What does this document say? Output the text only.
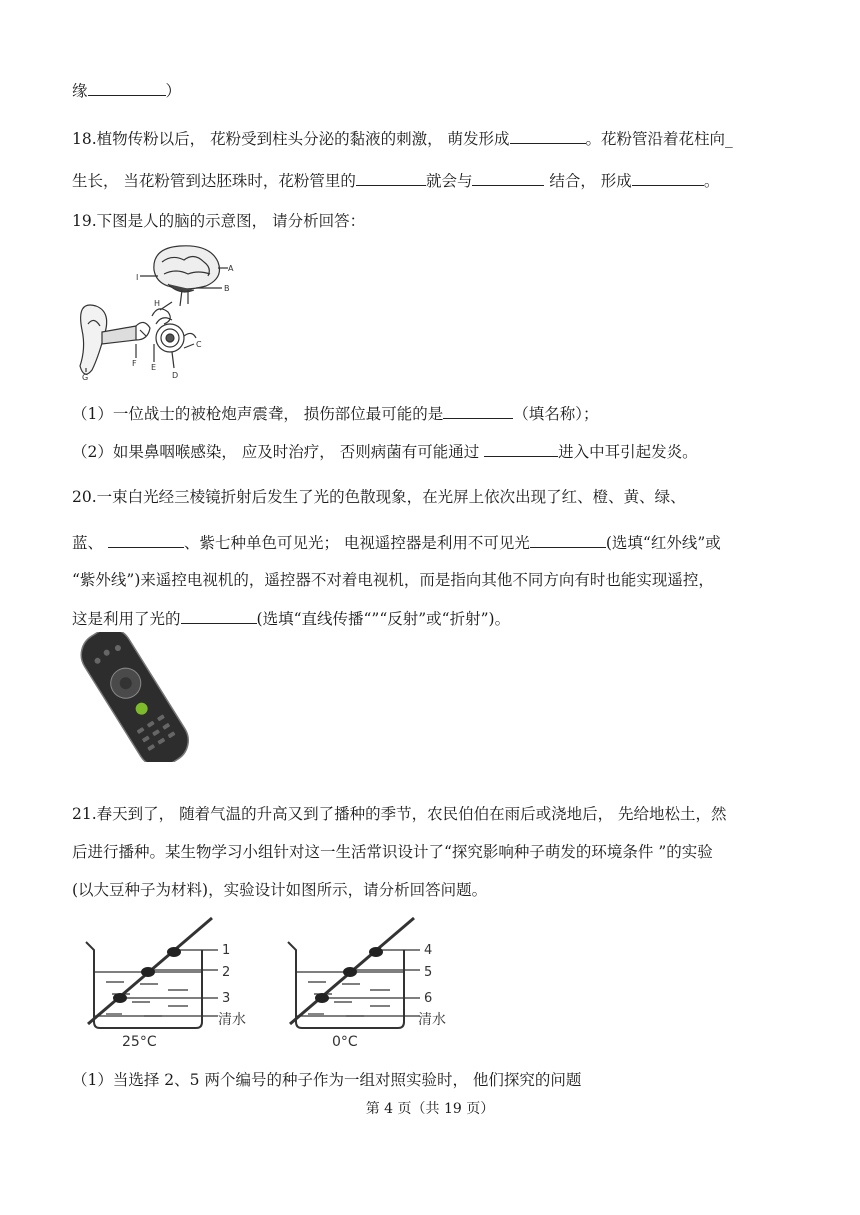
缘	）
18.植物传粉以后， 花粉受到柱头分泌的黏液的刺激， 萌发形成	。花粉管沿着花柱向_
生长， 当花粉管到达胚珠时，花粉管里的	就会与	结合， 形成	。
19.下图是人的脑的示意图， 请分析回答：
A
B
C
D
E
F
G
H
I
（1）一位战士的被枪炮声震聋， 损伤部位最可能的是	（填名称）；
（2）如果鼻咽喉感染， 应及时治疗， 否则病菌有可能通过	进入中耳引起发炎。
20.一束白光经三棱镜折射后发生了光的色散现象，在光屏上依次出现了红、橙、黄、绿、
蓝、	、紫七种单色可见光； 电视遥控器是利用不可见光	(选填“红外线”或
“紫外线”)来遥控电视机的，遥控器不对着电视机，而是指向其他不同方向有时也能实现遥控，
这是利用了光的	(选填“直线传播“”“反射”或“折射”)。
21.春天到了， 随着气温的升高又到了播种的季节，农民伯伯在雨后或浇地后， 先给地松土，然
后进行播种。某生物学习小组针对这一生活常识设计了“探究影响种子萌发的环境条件 ”的实验
(以大豆种子为材料)，实验设计如图所示，请分析回答问题。
1
2
3
清水
25°C
4
5
6
清水
0°C
（1）当选择 2、5 两个编号的种子作为一组对照实验时， 他们探究的问题
第 4 页（共 19 页）
